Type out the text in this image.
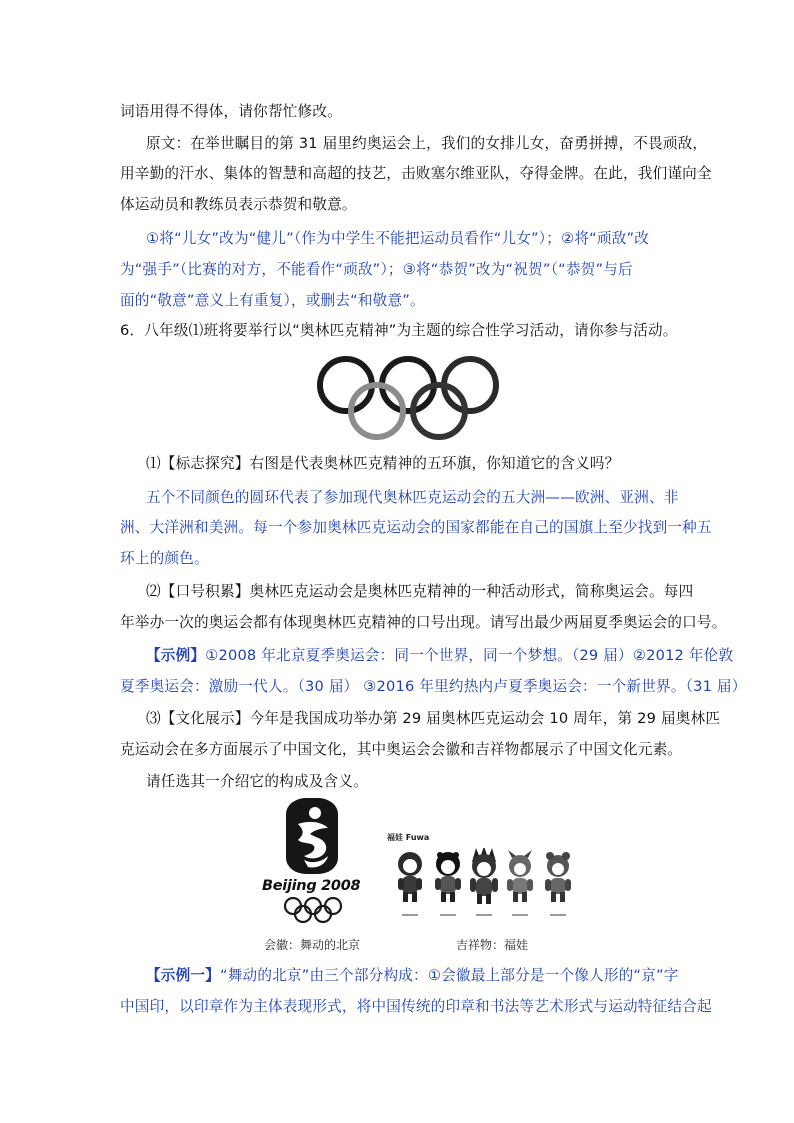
词语用得不得体，请你帮忙修改。
原文：在举世瞩目的第 31 届里约奥运会上，我们的女排儿女，奋勇拼搏，不畏顽敌，
用辛勤的汗水、集体的智慧和高超的技艺，击败塞尔维亚队，夺得金牌。在此，我们谨向全
体运动员和教练员表示恭贺和敬意。
①将“儿女”改为“健儿”（作为中学生不能把运动员看作“儿女”）；②将“顽敌”改
为“强手”（比赛的对方，不能看作“顽敌”）；③将“恭贺”改为“祝贺”（“恭贺”与后
面的“敬意”意义上有重复），或删去“和敬意”。
6．八年级⑴班将要举行以“奥林匹克精神”为主题的综合性学习活动，请你参与活动。
⑴【标志探究】右图是代表奥林匹克精神的五环旗，你知道它的含义吗？
五个不同颜色的圆环代表了参加现代奥林匹克运动会的五大洲——欧洲、亚洲、非
洲、大洋洲和美洲。每一个参加奥林匹克运动会的国家都能在自己的国旗上至少找到一种五
环上的颜色。
⑵【口号积累】奥林匹克运动会是奥林匹克精神的一种活动形式，简称奥运会。每四
年举办一次的奥运会都有体现奥林匹克精神的口号出现。请写出最少两届夏季奥运会的口号。
【示例】①2008 年北京夏季奥运会：同一个世界，同一个梦想。（29 届）②2012 年伦敦
夏季奥运会：激励一代人。（30 届） ③2016 年里约热内卢夏季奥运会：一个新世界。（31 届）
⑶【文化展示】今年是我国成功举办第 29 届奥林匹克运动会 10 周年，第 29 届奥林匹
克运动会在多方面展示了中国文化，其中奥运会会徽和吉祥物都展示了中国文化元素。
请任选其一介绍它的构成及含义。
Beijing 2008
会徽：舞动的北京
福娃 Fuwa
吉祥物：福娃
【示例一】“舞动的北京”由三个部分构成：①会徽最上部分是一个像人形的“京”字
中国印，以印章作为主体表现形式，将中国传统的印章和书法等艺术形式与运动特征结合起
